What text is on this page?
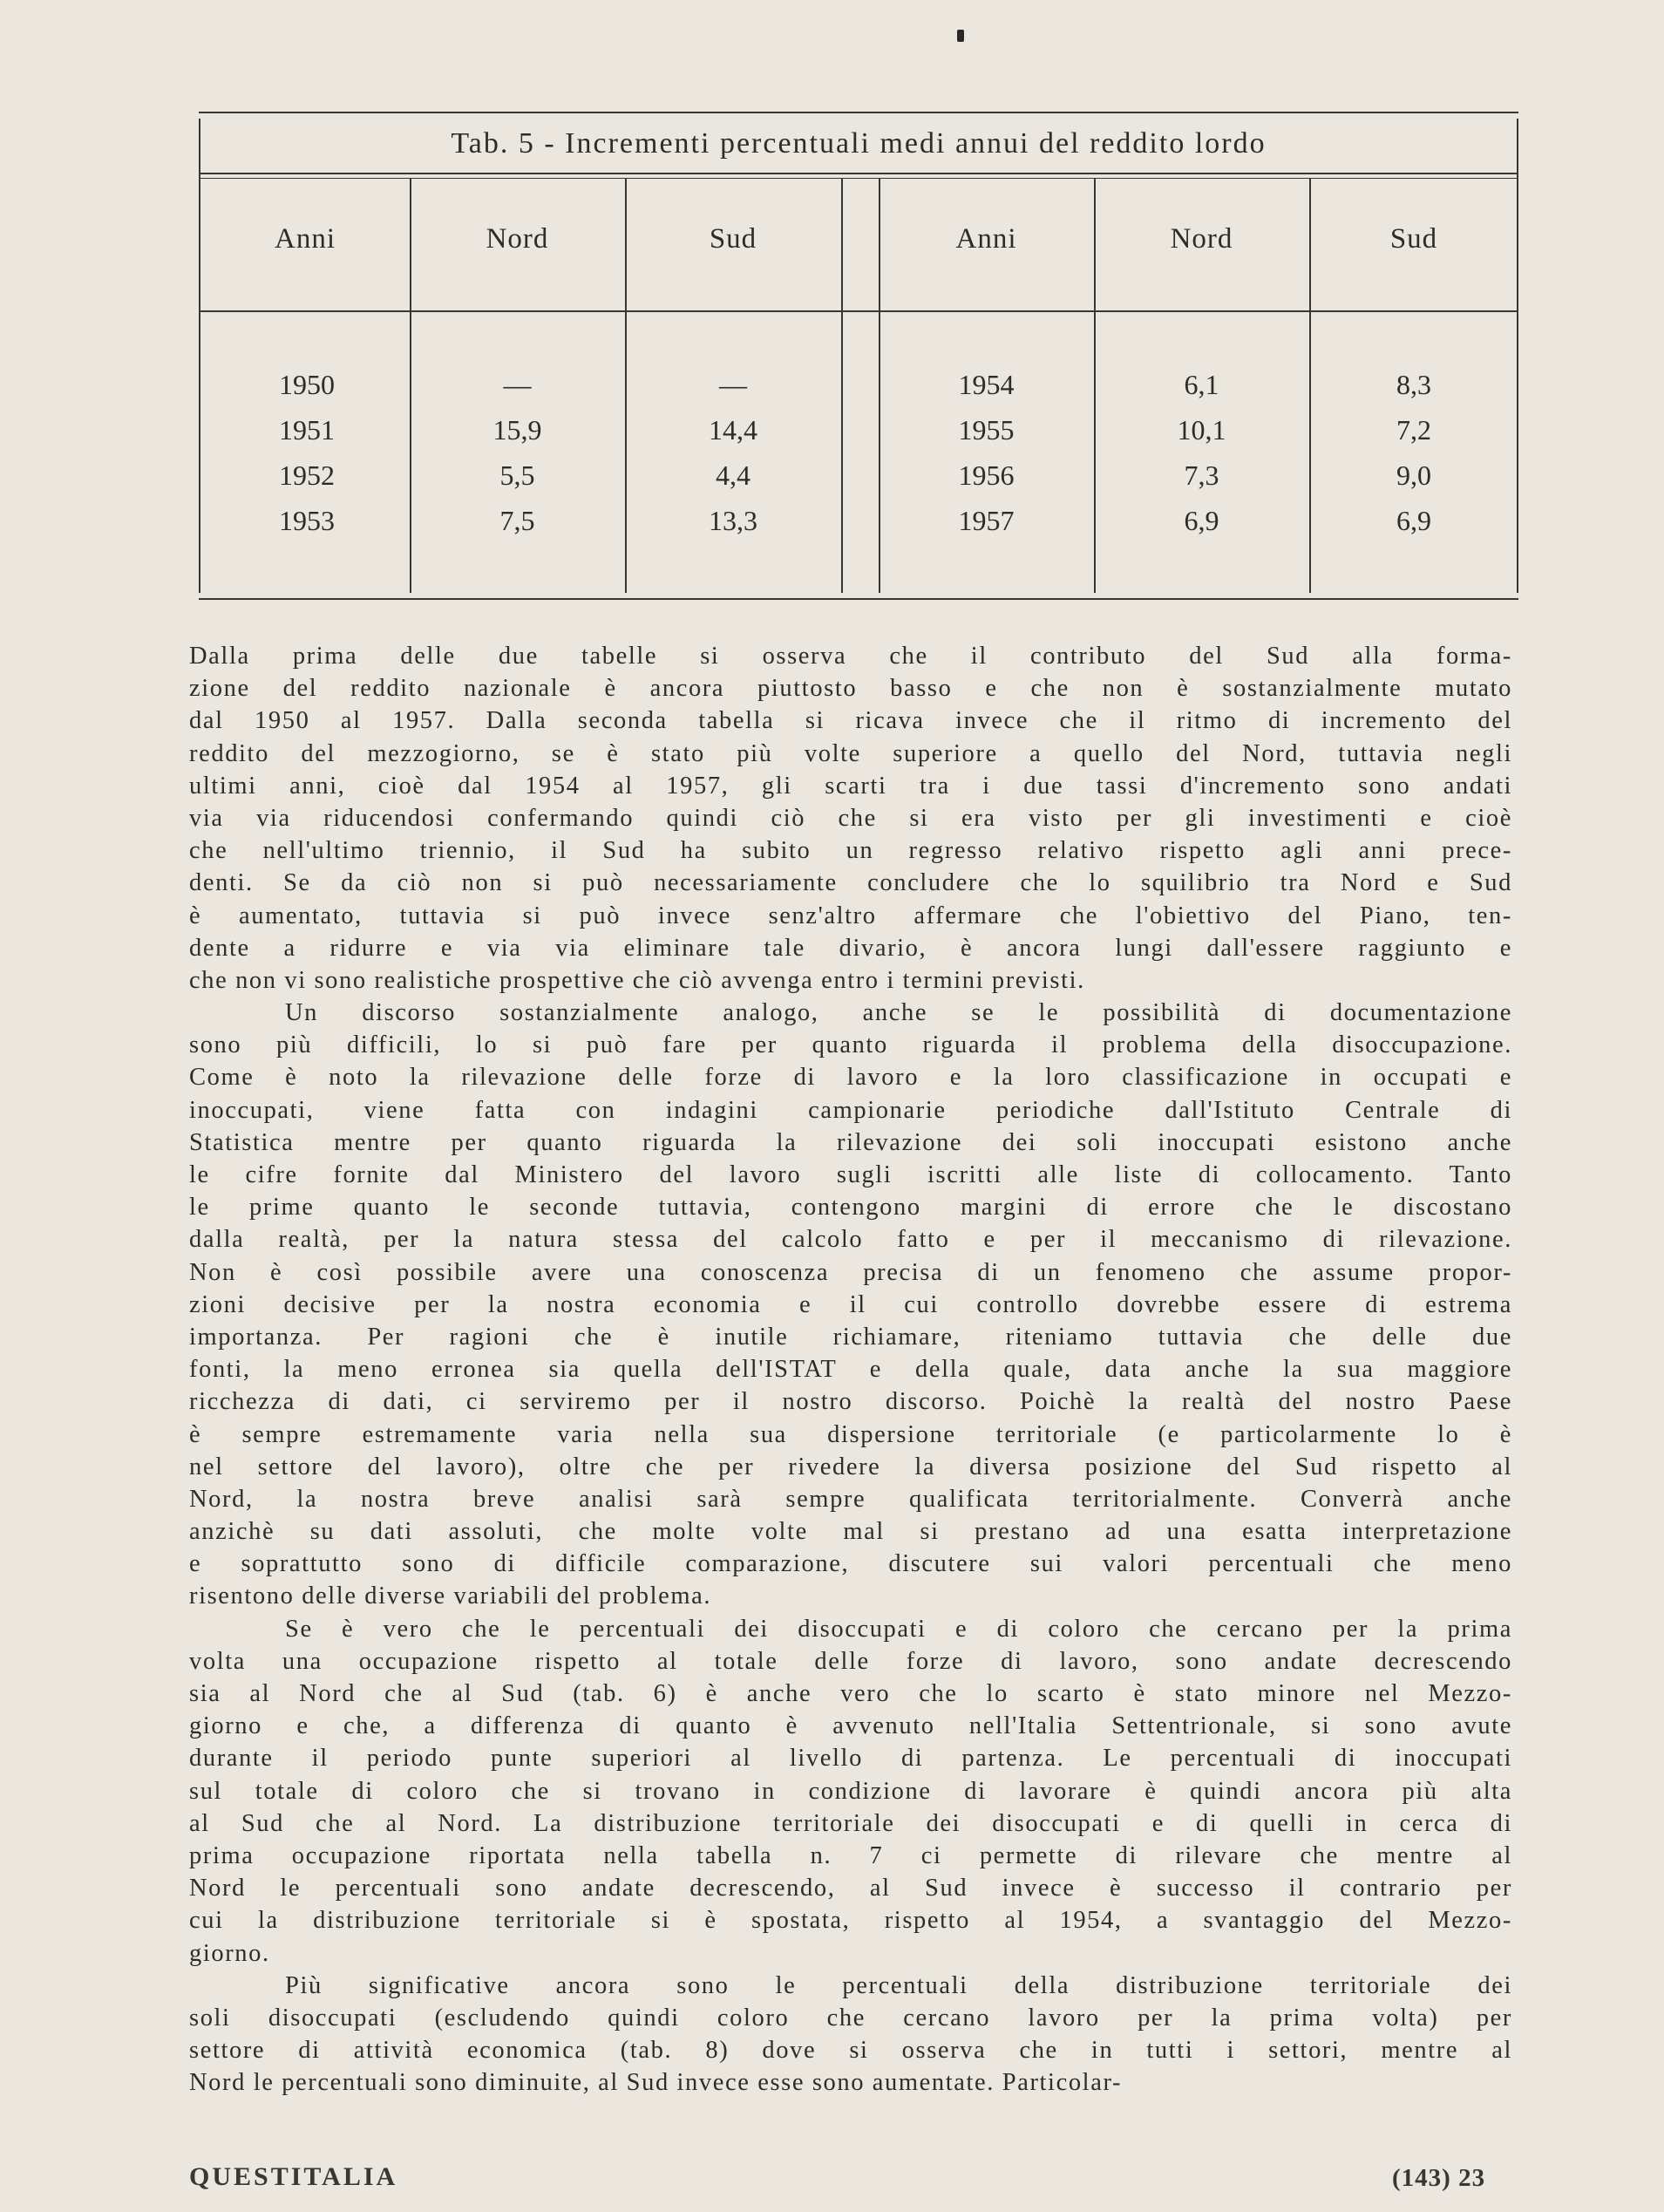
Tab. 5 - Incrementi percentuali medi annui del reddito lordo
Anni	Nord	Sud	Anni	Nord	Sud
1950	—	—	1954	6,1	8,3
1951	15,9	14,4	1955	10,1	7,2
1952	5,5	4,4	1956	7,3	9,0
1953	7,5	13,3	1957	6,9	6,9
Dalla prima delle due tabelle si osserva che il contributo del Sud alla forma-
zione del reddito nazionale è ancora piuttosto basso e che non è sostanzialmente mutato
dal 1950 al 1957. Dalla seconda tabella si ricava invece che il ritmo di incremento del
reddito del mezzogiorno, se è stato più volte superiore a quello del Nord, tuttavia negli
ultimi anni, cioè dal 1954 al 1957, gli scarti tra i due tassi d'incremento sono andati
via via riducendosi confermando quindi ciò che si era visto per gli investimenti e cioè
che nell'ultimo triennio, il Sud ha subito un regresso relativo rispetto agli anni prece-
denti. Se da ciò non si può necessariamente concludere che lo squilibrio tra Nord e Sud
è aumentato, tuttavia si può invece senz'altro affermare che l'obiettivo del Piano, ten-
dente a ridurre e via via eliminare tale divario, è ancora lungi dall'essere raggiunto e
che non vi sono realistiche prospettive che ciò avvenga entro i termini previsti.
Un discorso sostanzialmente analogo, anche se le possibilità di documentazione
sono più difficili, lo si può fare per quanto riguarda il problema della disoccupazione.
Come è noto la rilevazione delle forze di lavoro e la loro classificazione in occupati e
inoccupati, viene fatta con indagini campionarie periodiche dall'Istituto Centrale di
Statistica mentre per quanto riguarda la rilevazione dei soli inoccupati esistono anche
le cifre fornite dal Ministero del lavoro sugli iscritti alle liste di collocamento. Tanto
le prime quanto le seconde tuttavia, contengono margini di errore che le discostano
dalla realtà, per la natura stessa del calcolo fatto e per il meccanismo di rilevazione.
Non è così possibile avere una conoscenza precisa di un fenomeno che assume propor-
zioni decisive per la nostra economia e il cui controllo dovrebbe essere di estrema
importanza. Per ragioni che è inutile richiamare, riteniamo tuttavia che delle due
fonti, la meno erronea sia quella dell'ISTAT e della quale, data anche la sua maggiore
ricchezza di dati, ci serviremo per il nostro discorso. Poichè la realtà del nostro Paese
è sempre estremamente varia nella sua dispersione territoriale (e particolarmente lo è
nel settore del lavoro), oltre che per rivedere la diversa posizione del Sud rispetto al
Nord, la nostra breve analisi sarà sempre qualificata territorialmente. Converrà anche
anzichè su dati assoluti, che molte volte mal si prestano ad una esatta interpretazione
e soprattutto sono di difficile comparazione, discutere sui valori percentuali che meno
risentono delle diverse variabili del problema.
Se è vero che le percentuali dei disoccupati e di coloro che cercano per la prima
volta una occupazione rispetto al totale delle forze di lavoro, sono andate decrescendo
sia al Nord che al Sud (tab. 6) è anche vero che lo scarto è stato minore nel Mezzo-
giorno e che, a differenza di quanto è avvenuto nell'Italia Settentrionale, si sono avute
durante il periodo punte superiori al livello di partenza. Le percentuali di inoccupati
sul totale di coloro che si trovano in condizione di lavorare è quindi ancora più alta
al Sud che al Nord. La distribuzione territoriale dei disoccupati e di quelli in cerca di
prima occupazione riportata nella tabella n. 7 ci permette di rilevare che mentre al
Nord le percentuali sono andate decrescendo, al Sud invece è successo il contrario per
cui la distribuzione territoriale si è spostata, rispetto al 1954, a svantaggio del Mezzo-
giorno.
Più significative ancora sono le percentuali della distribuzione territoriale dei
soli disoccupati (escludendo quindi coloro che cercano lavoro per la prima volta) per
settore di attività economica (tab. 8) dove si osserva che in tutti i settori, mentre al
Nord le percentuali sono diminuite, al Sud invece esse sono aumentate. Particolar-
QUESTITALIA	(143) 23
